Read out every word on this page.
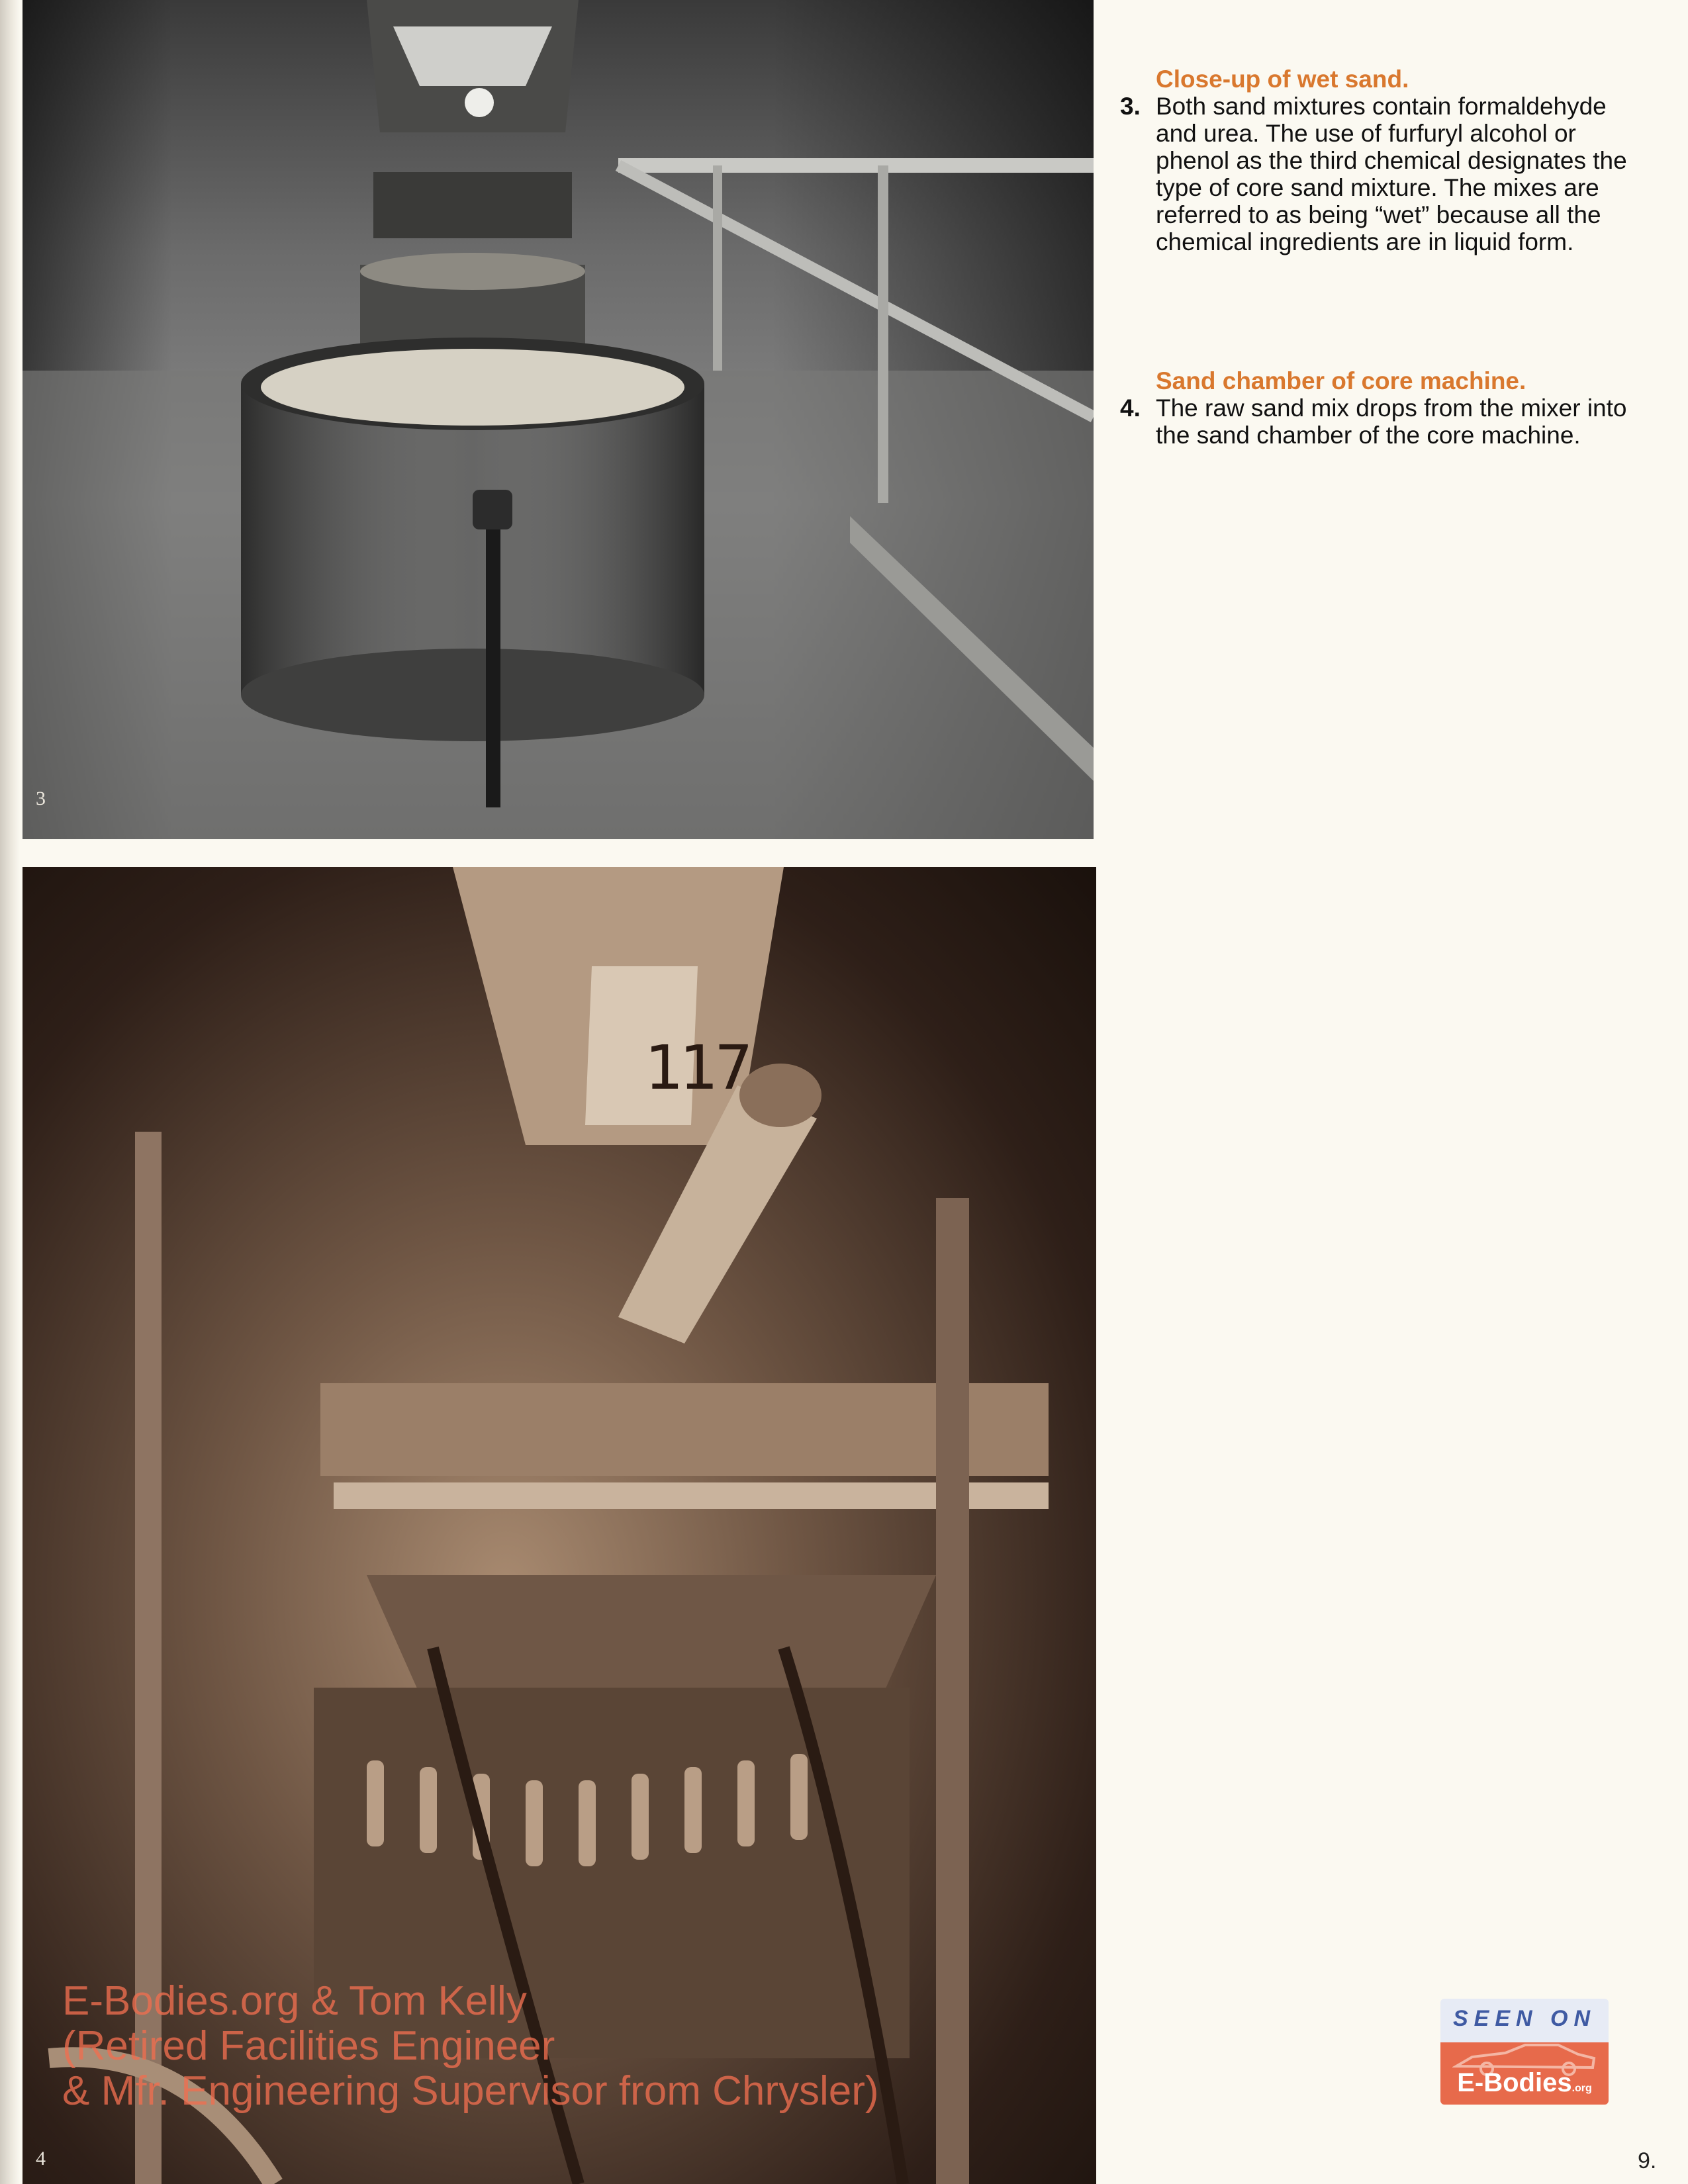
3
117
4
Close-up of wet sand.
3. Both sand mixtures contain formaldehyde and urea. The use of furfuryl alcohol or phenol as the third chemical designates the type of core sand mixture. The mixes are referred to as being “wet” because all the chemical ingredients are in liquid form.
Sand chamber of core machine.
4. The raw sand mix drops from the mixer into the sand chamber of the core machine.
E-Bodies.org & Tom Kelly
(Retired Facilities Engineer
& Mfr. Engineering Supervisor from Chrysler)
SEEN ON
E-Bodies.org
9.
